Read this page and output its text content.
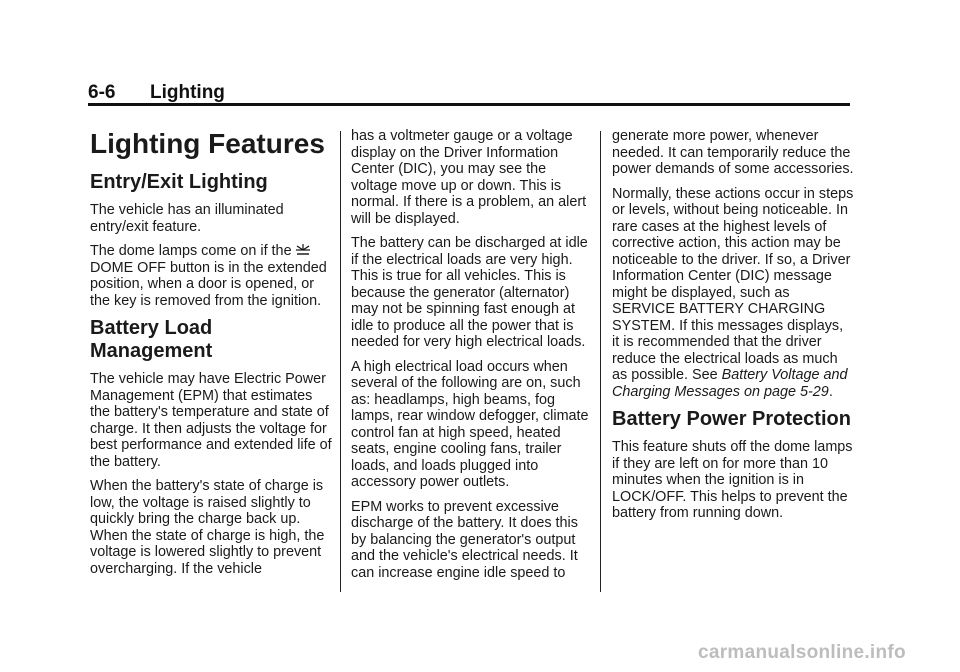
6-6 Lighting
Lighting Features
Entry/Exit Lighting

The vehicle has an illuminated entry/exit feature.

The dome lamps come on if the
DOME OFF button is in the extended position, when a door is opened, or the key is removed from the ignition.

Battery Load Management

The vehicle may have Electric Power Management (EPM) that estimates the battery's temperature and state of charge. It then adjusts the voltage for best performance and extended life of the battery.

When the battery's state of charge is low, the voltage is raised slightly to quickly bring the charge back up. When the state of charge is high, the voltage is lowered slightly to prevent overcharging. If the vehicle

has a voltmeter gauge or a voltage display on the Driver Information Center (DIC), you may see the voltage move up or down. This is normal. If there is a problem, an alert will be displayed.

The battery can be discharged at idle if the electrical loads are very high. This is true for all vehicles. This is because the generator (alternator) may not be spinning fast enough at idle to produce all the power that is needed for very high electrical loads.

A high electrical load occurs when several of the following are on, such as: headlamps, high beams, fog lamps, rear window defogger, climate control fan at high speed, heated seats, engine cooling fans, trailer loads, and loads plugged into accessory power outlets.

EPM works to prevent excessive discharge of the battery. It does this by balancing the generator's output and the vehicle's electrical needs. It can increase engine idle speed to

generate more power, whenever needed. It can temporarily reduce the power demands of some accessories.

Normally, these actions occur in steps or levels, without being noticeable. In rare cases at the highest levels of corrective action, this action may be noticeable to the driver. If so, a Driver Information Center (DIC) message might be displayed, such as SERVICE BATTERY CHARGING SYSTEM. If this messages displays, it is recommended that the driver reduce the electrical loads as much as possible. See Battery Voltage and Charging Messages on page 5-29.

Battery Power Protection

This feature shuts off the dome lamps if they are left on for more than 10 minutes when the ignition is in LOCK/OFF. This helps to prevent the battery from running down.

carmanualsonline.info
